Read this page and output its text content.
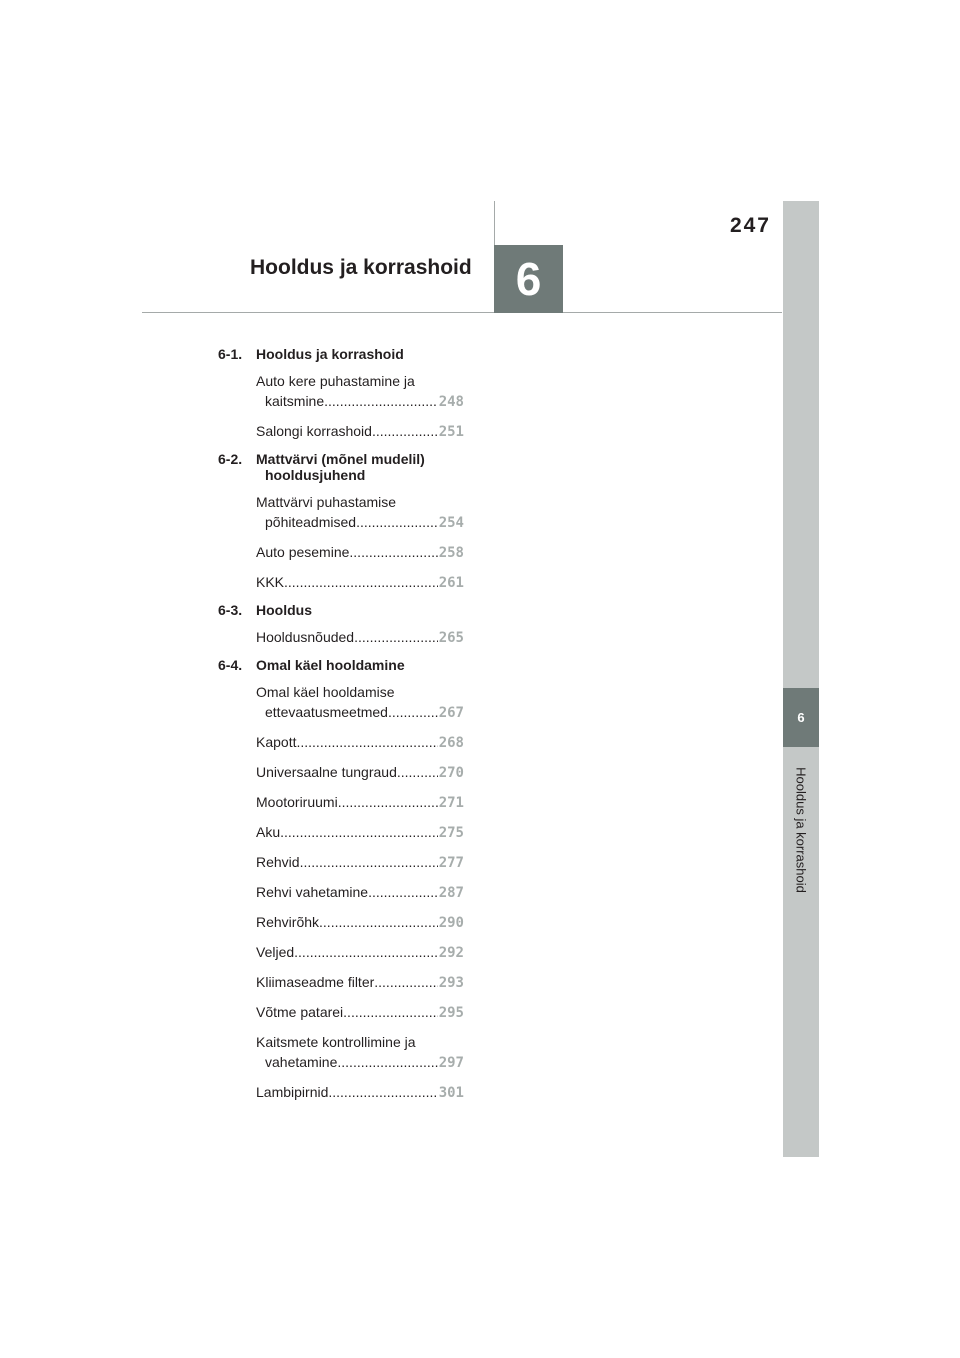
6
Hooldus ja korrashoid
247
6
Hooldus ja korrashoid
6-1. Hooldus ja korrashoid
Auto kere puhastamine ja
kaitsmine .....	248
Salongi korrashoid .....	251
6-2. Mattvärvi (mõnel mudelil)
hooldusjuhend
Mattvärvi puhastamise
põhiteadmised .....	254
Auto pesemine .....	258
KKK .....	261
6-3. Hooldus
Hooldusnõuded .....	265
6-4. Omal käel hooldamine
Omal käel hooldamise
ettevaatusmeetmed .....	267
Kapott .....	268
Universaalne tungraud .....	270
Mootoriruumi .....	271
Aku .....	275
Rehvid .....	277
Rehvi vahetamine .....	287
Rehvirõhk .....	290
Veljed .....	292
Kliimaseadme filter .....	293
Võtme patarei .....	295
Kaitsmete kontrollimine ja
vahetamine .....	297
Lambipirnid .....	301
